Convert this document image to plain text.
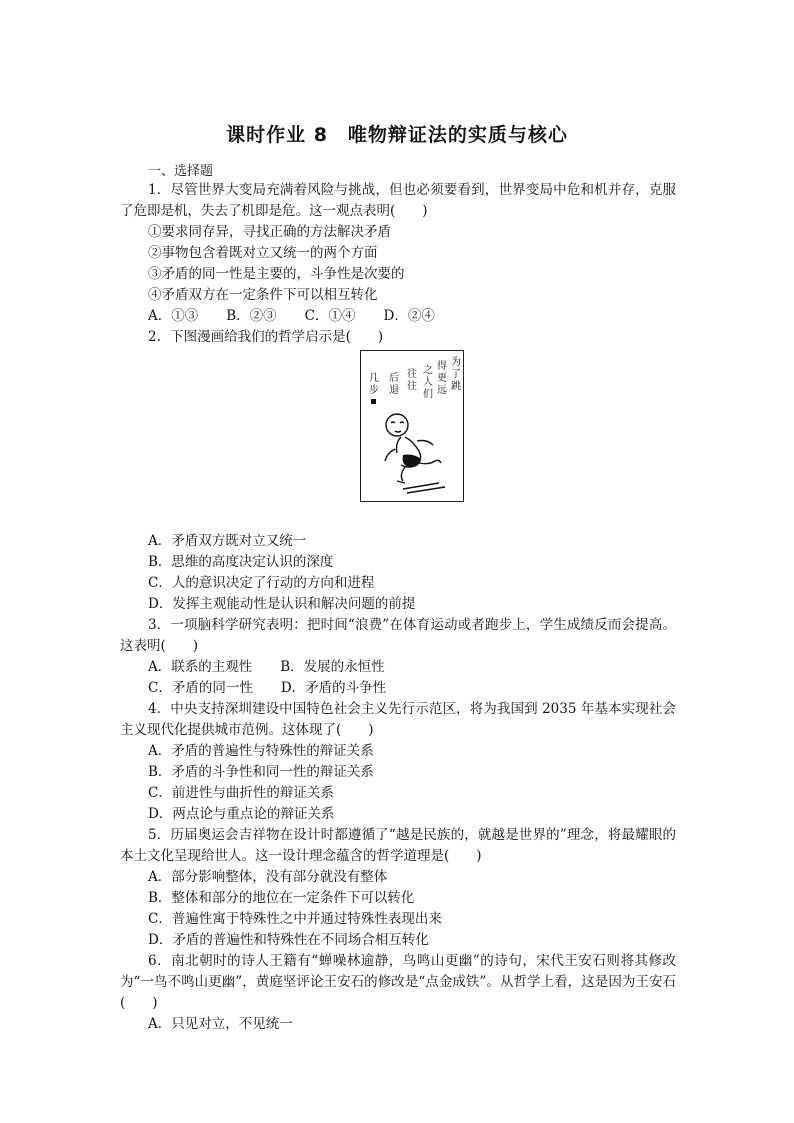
课时作业 8　唯物辩证法的实质与核心
一、选择题
1．尽管世界大变局充满着风险与挑战，但也必须要看到，世界变局中危和机并存，克服了危即是机，失去了机即是危。这一观点表明(　　)
①要求同存异，寻找正确的方法解决矛盾
②事物包含着既对立又统一的两个方面
③矛盾的同一性是主要的，斗争性是次要的
④矛盾双方在一定条件下可以相互转化
A．①③ B．②③ C．①④ D．②④
2．下图漫画给我们的哲学启示是(　　)
为
了
跳
得
更
远
之
人
们
往
往
后
退
几
步
A．矛盾双方既对立又统一
B．思维的高度决定认识的深度
C．人的意识决定了行动的方向和进程
D．发挥主观能动性是认识和解决问题的前提
3．一项脑科学研究表明：把时间“浪费”在体育运动或者跑步上，学生成绩反而会提高。这表明(　　)
A．联系的主观性 B．发展的永恒性
C．矛盾的同一性 D．矛盾的斗争性
4．中央支持深圳建设中国特色社会主义先行示范区，将为我国到 2035 年基本实现社会主义现代化提供城市范例。这体现了(　　)
A．矛盾的普遍性与特殊性的辩证关系
B．矛盾的斗争性和同一性的辩证关系
C．前进性与曲折性的辩证关系
D．两点论与重点论的辩证关系
5．历届奥运会吉祥物在设计时都遵循了“越是民族的，就越是世界的”理念，将最耀眼的本土文化呈现给世人。这一设计理念蕴含的哲学道理是(　　)
A．部分影响整体，没有部分就没有整体
B．整体和部分的地位在一定条件下可以转化
C．普遍性寓于特殊性之中并通过特殊性表现出来
D．矛盾的普遍性和特殊性在不同场合相互转化
6．南北朝时的诗人王籍有“蝉噪林逾静，鸟鸣山更幽”的诗句，宋代王安石则将其修改为“一鸟不鸣山更幽”，黄庭坚评论王安石的修改是“点金成铁”。从哲学上看，这是因为王安石(　　)
A．只见对立，不见统一
